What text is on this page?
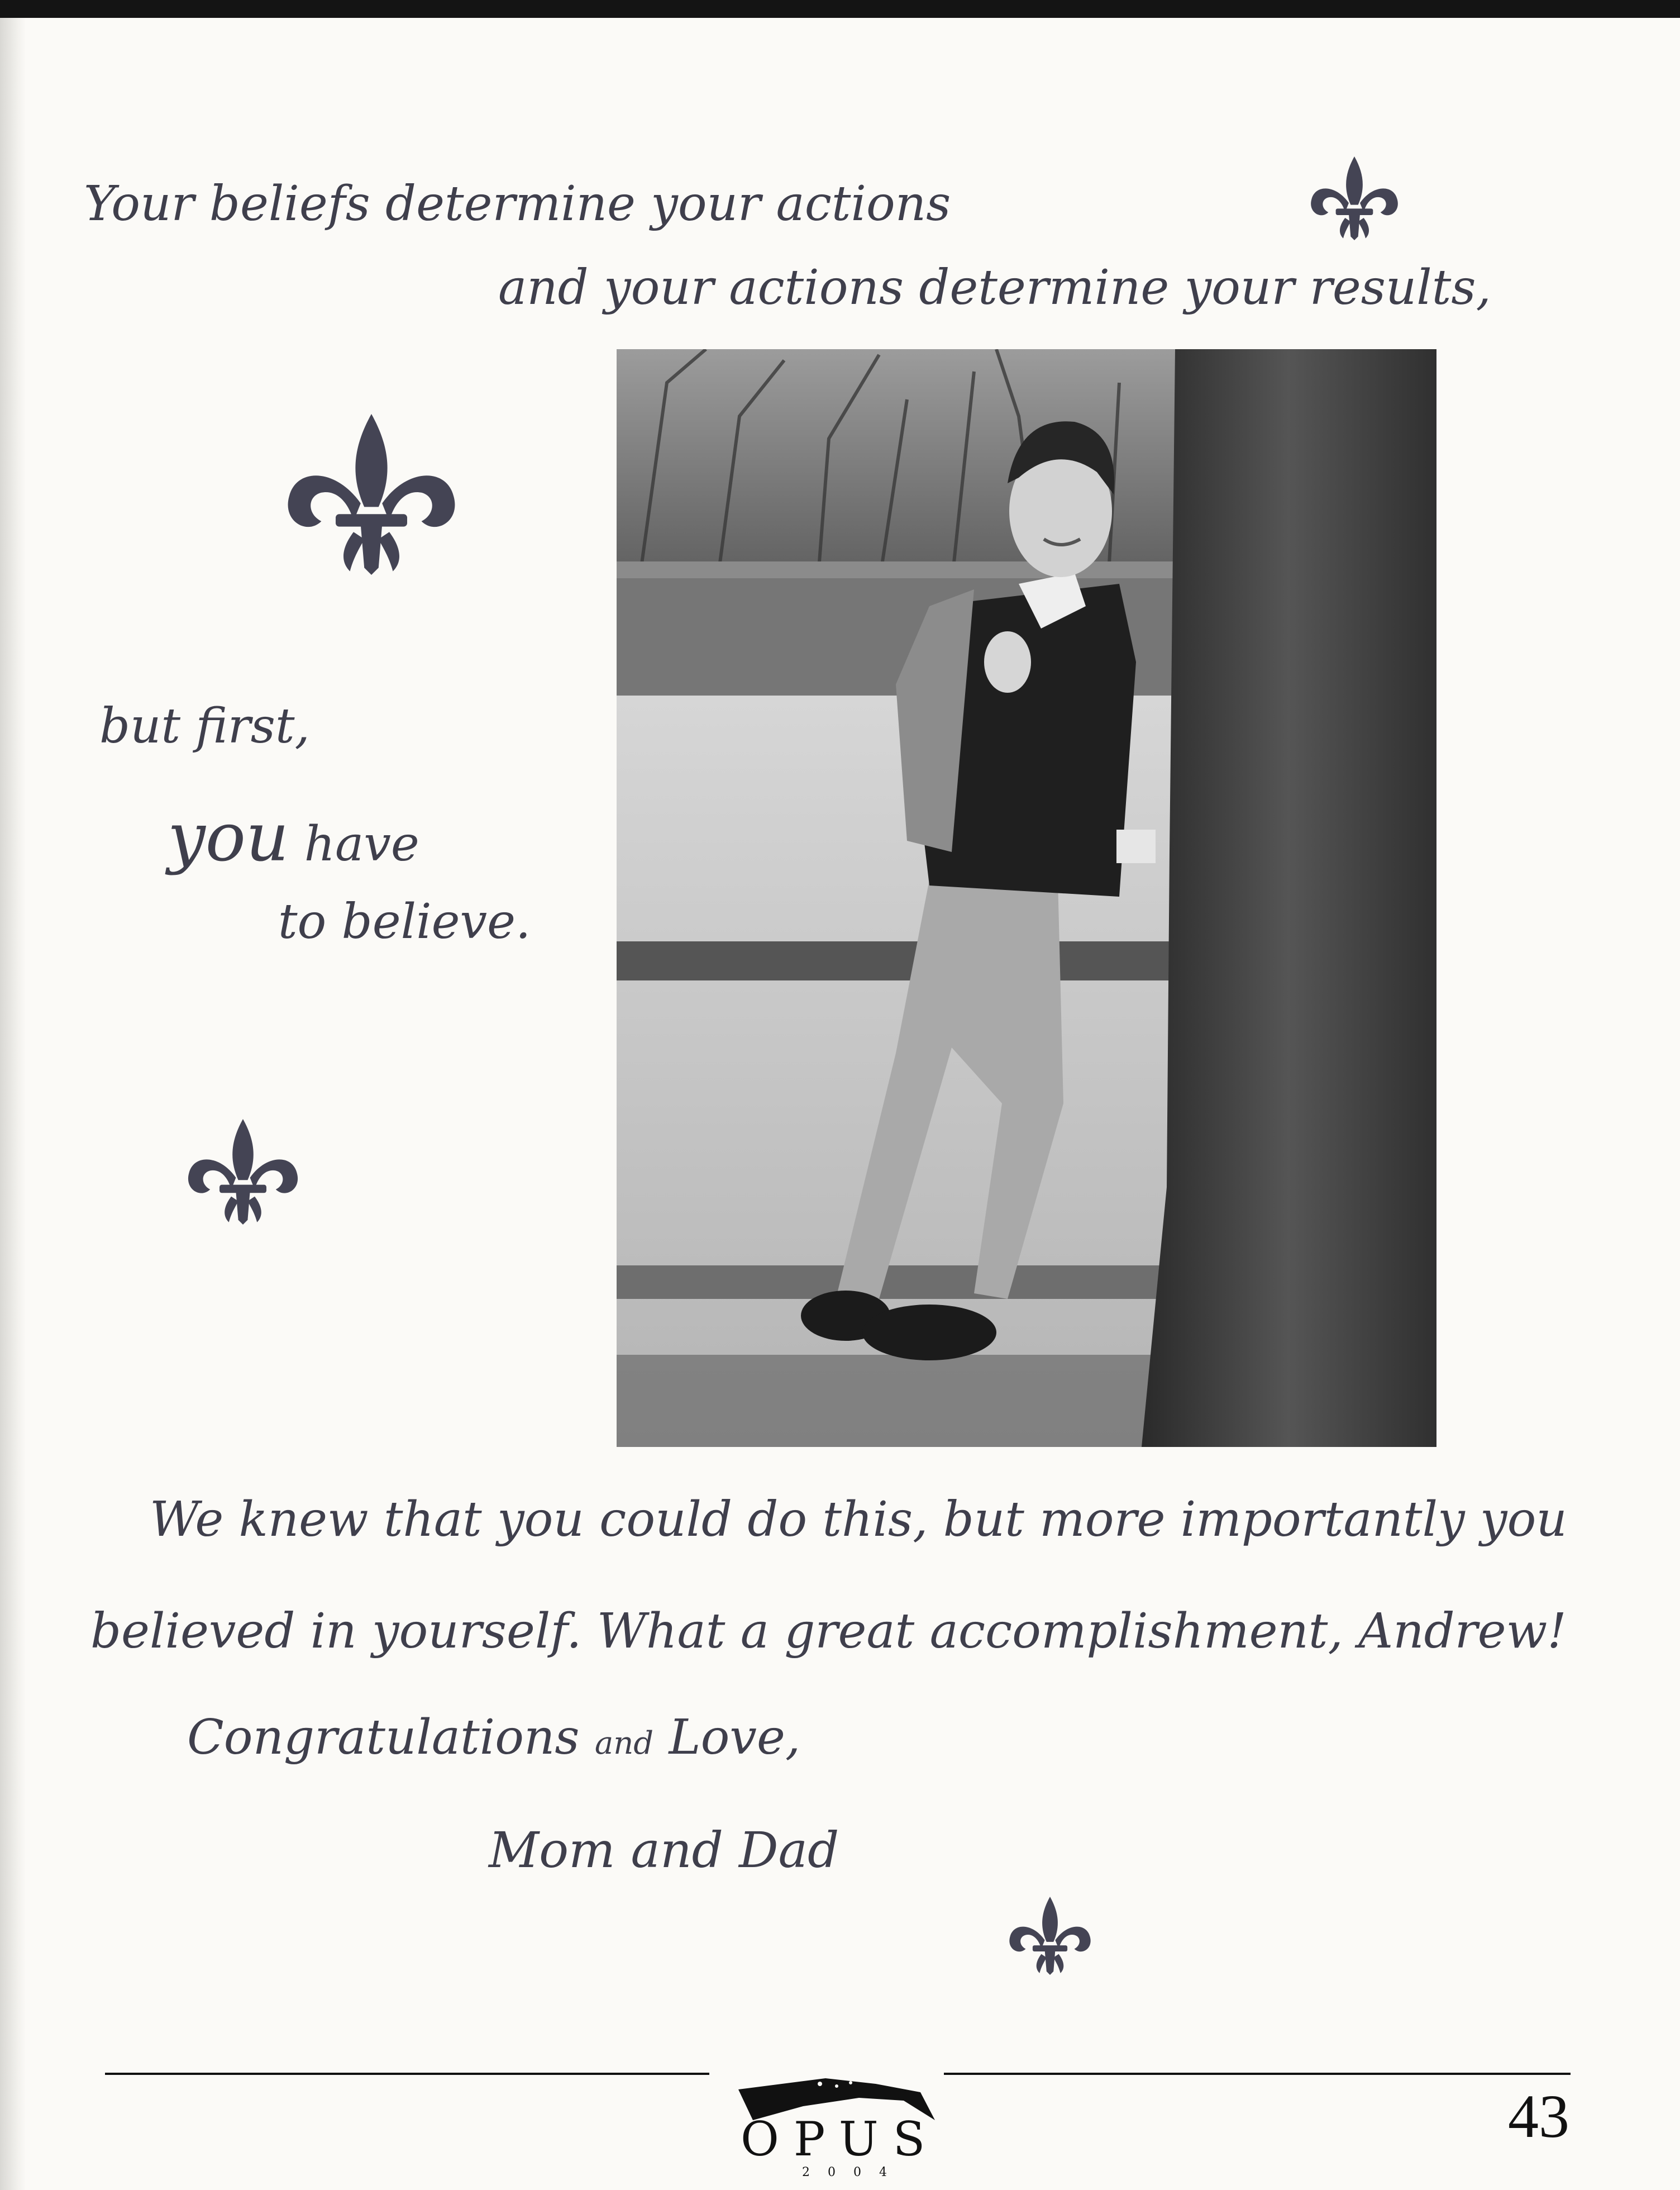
Your beliefs determine your actions

and your actions determine your results,

but first,

you have

to believe.

We knew that you could do this, but more importantly you

believed in yourself. What a great accomplishment, Andrew!

Congratulations and Love,

Mom and Dad

OPUS
2004
43
